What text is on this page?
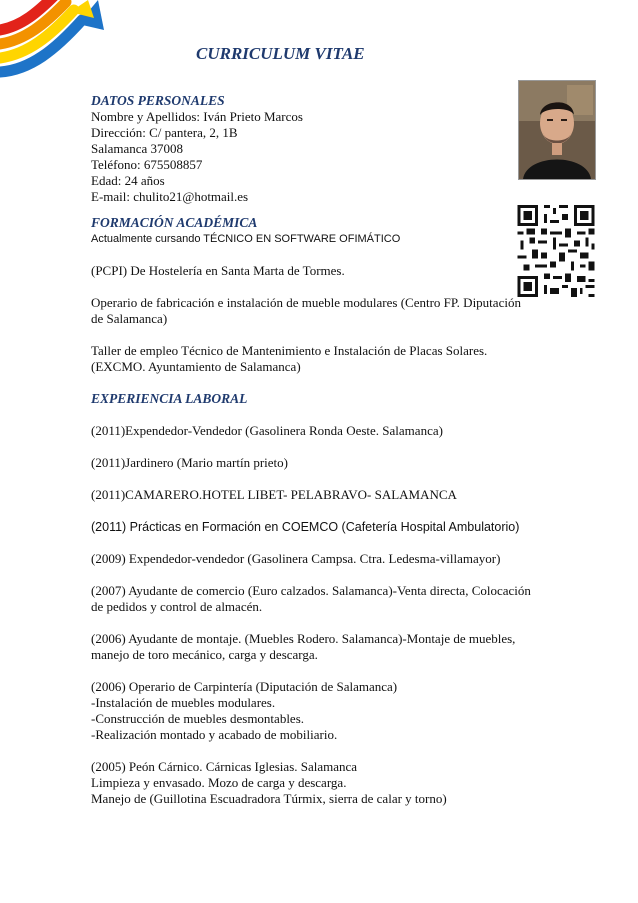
CURRICULUM VITAE
DATOS PERSONALES

Nombre y Apellidos: Iván Prieto Marcos

Dirección: C/ pantera, 2, 1B

Salamanca 37008

Teléfono: 675508857

Edad: 24 años

E-mail: chulito21@hotmail.es

FORMACIÓN ACADÉMICA

Actualmente cursando TÉCNICO EN SOFTWARE OFIMÁTICO

(PCPI) De Hostelería en Santa Marta de Tormes.

Operario de fabricación e instalación de mueble modulares (Centro FP. Diputación de Salamanca)

Taller de empleo Técnico de Mantenimiento e Instalación de Placas Solares. (EXCMO. Ayuntamiento de Salamanca)

EXPERIENCIA LABORAL

(2011)Expendedor-Vendedor (Gasolinera Ronda Oeste. Salamanca)

(2011)Jardinero (Mario martín prieto)

(2011)CAMARERO.HOTEL LIBET- PELABRAVO- SALAMANCA

(2011) Prácticas en Formación en COEMCO (Cafetería Hospital Ambulatorio)

(2009) Expendedor-vendedor (Gasolinera Campsa. Ctra. Ledesma-villamayor)

(2007) Ayudante de comercio (Euro calzados. Salamanca)-Venta directa, Colocación de pedidos y control de almacén.

(2006) Ayudante de montaje. (Muebles Rodero. Salamanca)-Montaje de muebles, manejo de toro mecánico, carga y descarga.

(2006) Operario de Carpintería (Diputación de Salamanca)

-Instalación de muebles modulares.

-Construcción de muebles desmontables.

-Realización montado y acabado de mobiliario.

(2005) Peón Cárnico. Cárnicas Iglesias. Salamanca

Limpieza y envasado. Mozo de carga y descarga.

Manejo de (Guillotina Escuadradora Túrmix, sierra de calar y torno)
